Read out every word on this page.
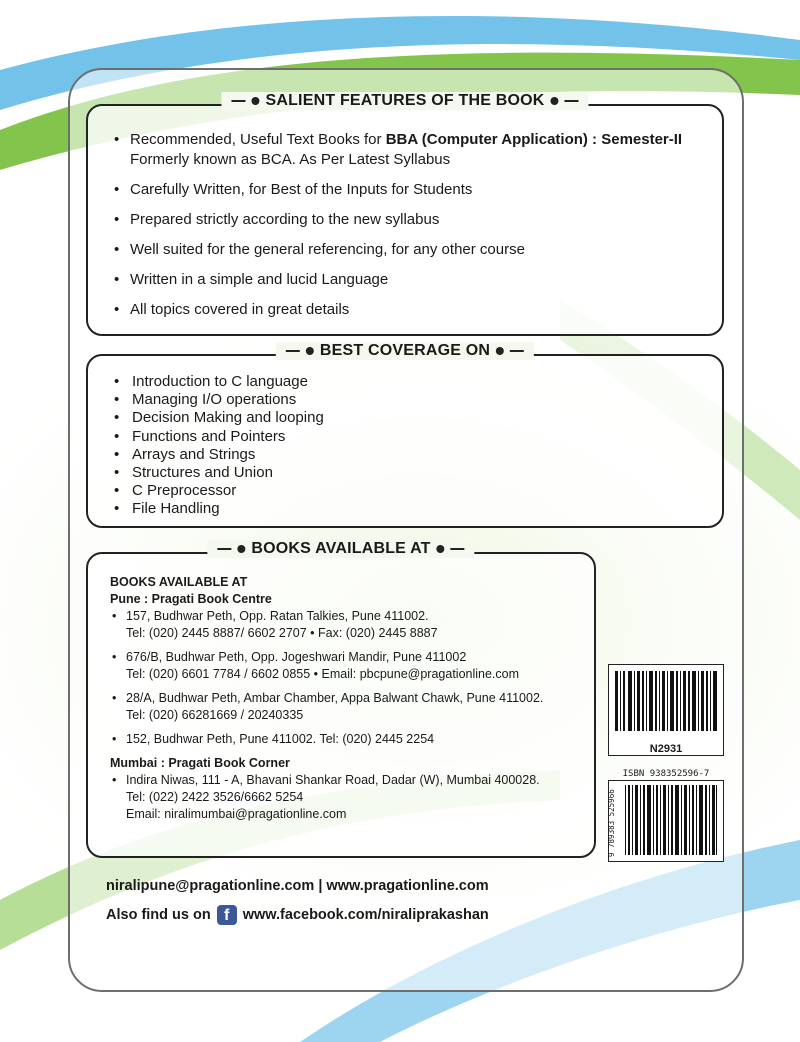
SALIENT FEATURES OF THE BOOK
• Recommended, Useful Text Books for BBA (Computer Application) : Semester-II Formerly known as BCA. As Per Latest Syllabus
• Carefully Written, for Best of the Inputs for Students
• Prepared strictly according to the new syllabus
• Well suited for the general referencing, for any other course
• Written in a simple and lucid Language
• All topics covered in great details
BEST COVERAGE ON
• Introduction to C language
• Managing I/O operations
• Decision Making and looping
• Functions and Pointers
• Arrays and Strings
• Structures and Union
• C Preprocessor
• File Handling
BOOKS AVAILABLE AT
BOOKS AVAILABLE AT
Pune : Pragati Book Centre
• 157, Budhwar Peth, Opp. Ratan Talkies, Pune 411002.
Tel: (020) 2445 8887/ 6602 2707 • Fax: (020) 2445 8887
• 676/B, Budhwar Peth, Opp. Jogeshwari Mandir, Pune 411002
Tel: (020) 6601 7784 / 6602 0855 • Email: pbcpune@pragationline.com
• 28/A, Budhwar Peth, Ambar Chamber, Appa Balwant Chawk, Pune 411002.
Tel: (020) 66281669 / 20240335
• 152, Budhwar Peth, Pune 411002. Tel: (020) 2445 2254
Mumbai : Pragati Book Corner
• Indira Niwas, 111 - A, Bhavani Shankar Road, Dadar (W), Mumbai 400028.
Tel: (022) 2422 3526/6662 5254
Email: niralimumbai@pragationline.com
N2931
ISBN 938352596-7
9 789383 525966
niralipune@pragationline.com | www.pragationline.com
Also find us on f www.facebook.com/niraliprakashan
